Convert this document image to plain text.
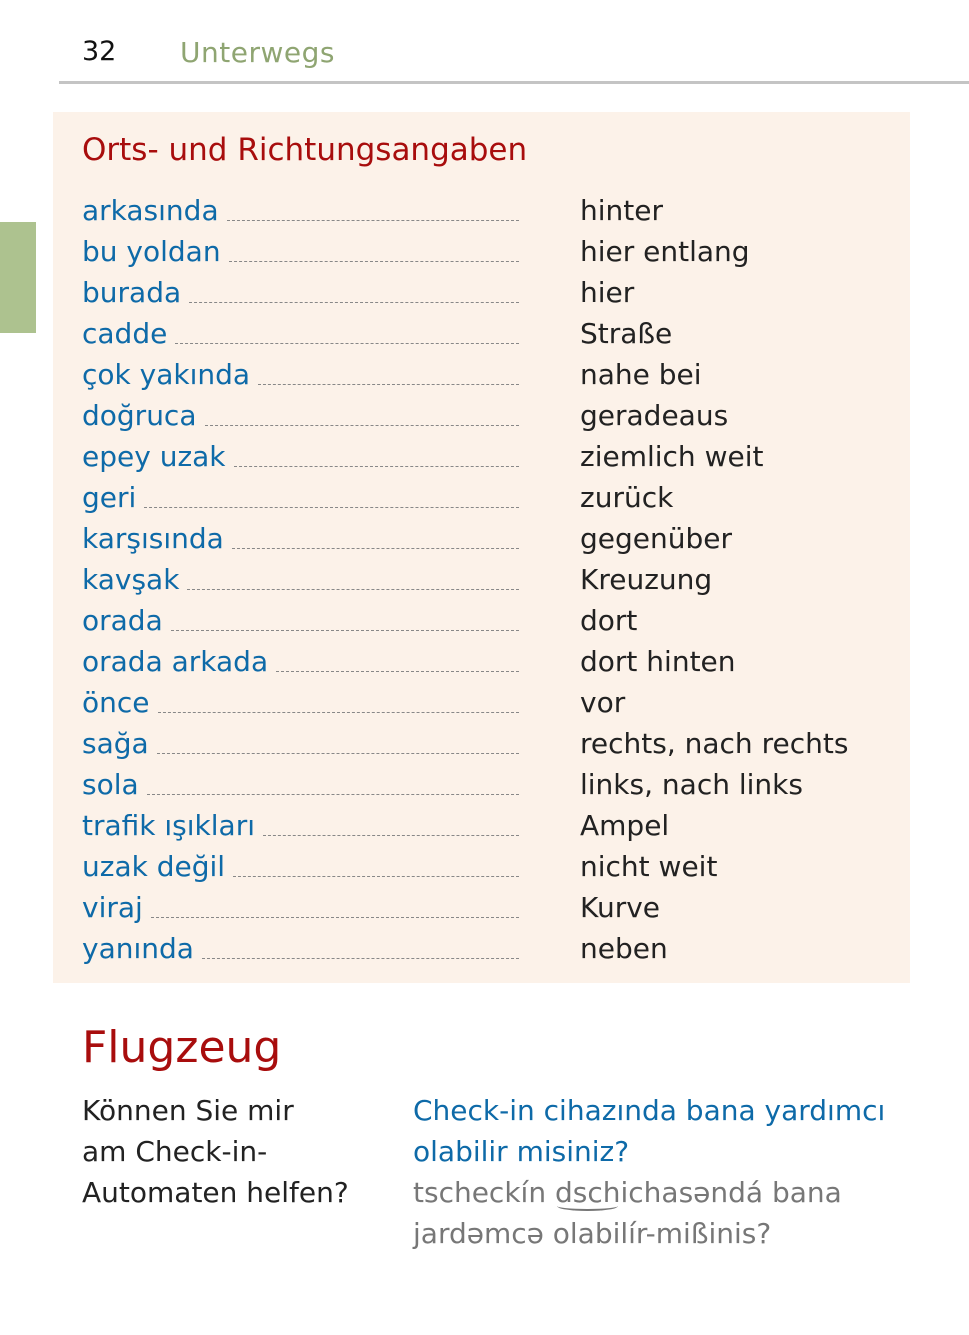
32 Unterwegs
Orts- und Richtungsangaben
arkasında	hinter
bu yoldan	hier entlang
burada	hier
cadde	Straße
çok yakında	nahe bei
doğruca	geradeaus
epey uzak	ziemlich weit
geri	zurück
karşısında	gegenüber
kavşak	Kreuzung
orada	dort
orada arkada	dort hinten
önce	vor
sağa	rechts, nach rechts
sola	links, nach links
trafik ışıkları	Ampel
uzak değil	nicht weit
viraj	Kurve
yanında	neben
Flugzeug
Können Sie mir
am Check-in-
Automaten helfen?
Check-in cihazında bana yardımcı
olabilir misiniz?
tscheckín dschichasəndá bana
jardəmcə olabilír-mißinis?
